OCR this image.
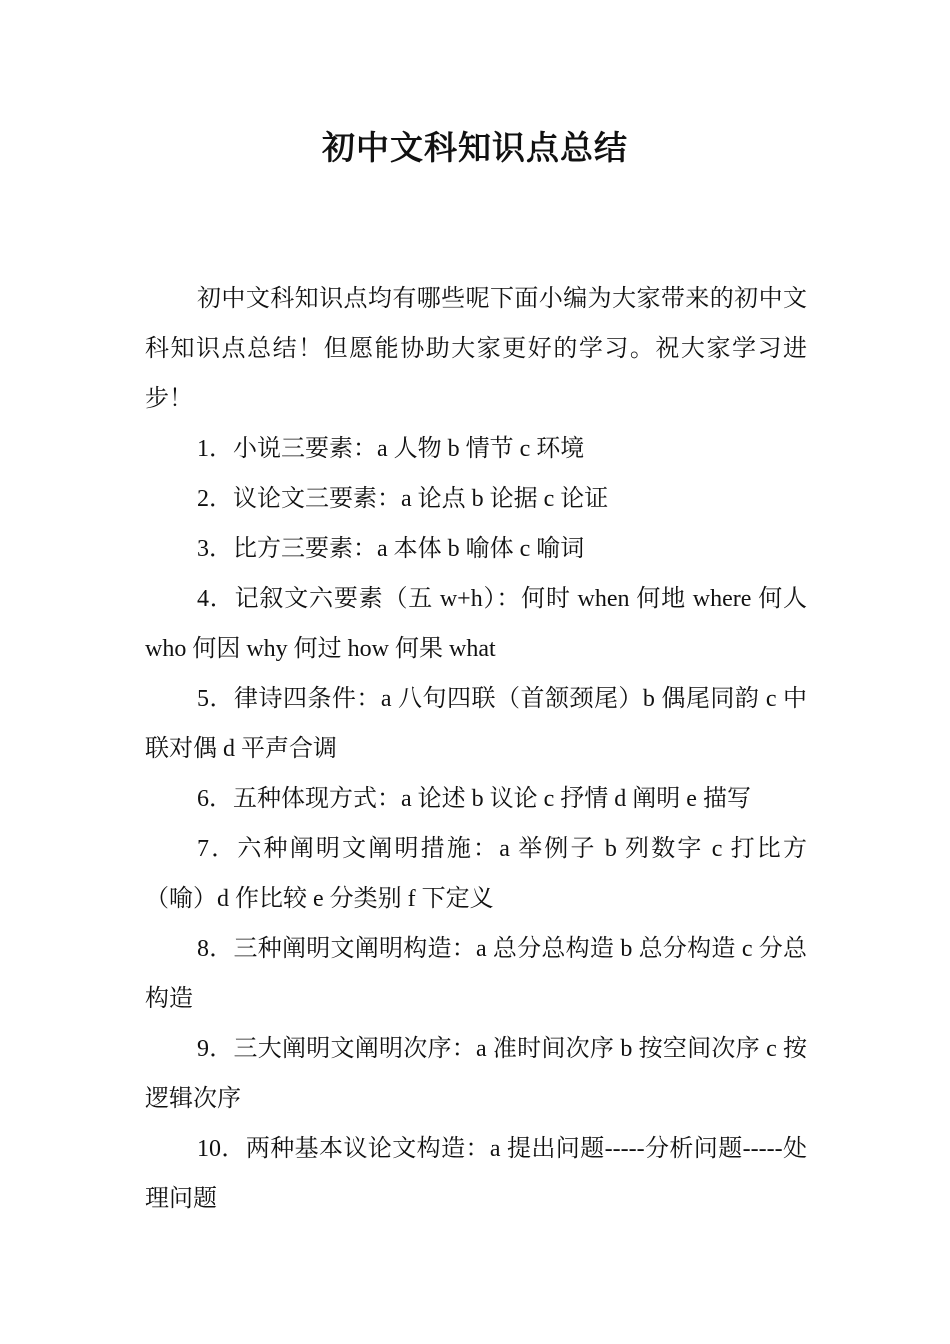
初中文科知识点总结

初中文科知识点均有哪些呢下面小编为大家带来的初中文科知识点总结！但愿能协助大家更好的学习。祝大家学习进步！

1．小说三要素：a 人物 b 情节 c 环境

2．议论文三要素：a 论点 b 论据 c 论证

3．比方三要素：a 本体 b 喻体 c 喻词

4．记叙文六要素（五 w+h）：何时 when 何地 where 何人 who 何因 why 何过 how 何果 what

5．律诗四条件：a 八句四联（首颔颈尾）b 偶尾同韵 c 中联对偶 d 平声合调

6．五种体现方式：a 论述 b 议论 c 抒情 d 阐明 e 描写

7．六种阐明文阐明措施：a 举例子 b 列数字 c 打比方（喻）d 作比较 e 分类别 f 下定义

8．三种阐明文阐明构造：a 总分总构造 b 总分构造 c 分总构造

9．三大阐明文阐明次序：a 准时间次序 b 按空间次序 c 按逻辑次序

10．两种基本议论文构造：a 提出问题-----分析问题-----处理问题
